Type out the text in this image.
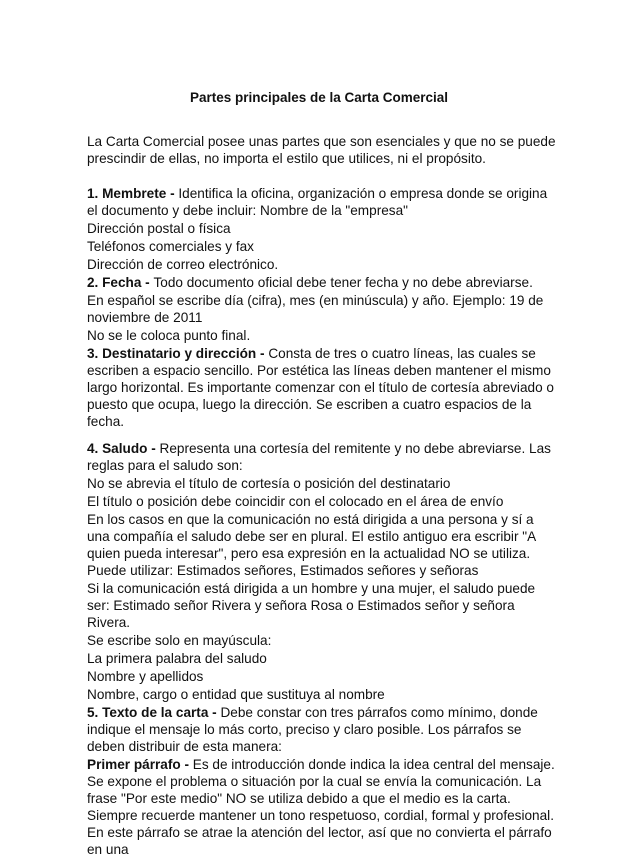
Partes principales de la Carta Comercial

La Carta Comercial posee unas partes que son esenciales y que no se puede prescindir de ellas, no importa el estilo que utilices, ni el propósito.

1. Membrete - Identifica la oficina, organización o empresa donde se origina el documento y debe incluir: Nombre de la "empresa"

Dirección postal o física

Teléfonos comerciales y fax

Dirección de correo electrónico.

2. Fecha - Todo documento oficial debe tener fecha y no debe abreviarse.

En español se escribe día (cifra), mes (en minúscula) y año. Ejemplo: 19 de noviembre de 2011

No se le coloca punto final.

3. Destinatario y dirección - Consta de tres o cuatro líneas, las cuales se escriben a espacio sencillo. Por estética las líneas deben mantener el mismo largo horizontal. Es importante comenzar con el título de cortesía abreviado o puesto que ocupa, luego la dirección. Se escriben a cuatro espacios de la fecha.

4. Saludo - Representa una cortesía del remitente y no debe abreviarse. Las reglas para el saludo son:

No se abrevia el título de cortesía o posición del destinatario

El título o posición debe coincidir con el colocado en el área de envío

En los casos en que la comunicación no está dirigida a una persona y sí a una compañía el saludo debe ser en plural. El estilo antiguo era escribir "A quien pueda interesar", pero esa expresión en la actualidad NO se utiliza. Puede utilizar: Estimados señores, Estimados señores y señoras

Si la comunicación está dirigida a un hombre y una mujer, el saludo puede ser: Estimado señor Rivera y señora Rosa o Estimados señor y señora Rivera.

Se escribe solo en mayúscula:

La primera palabra del saludo

Nombre y apellidos

Nombre, cargo o entidad que sustituya al nombre

5. Texto de la carta - Debe constar con tres párrafos como mínimo, donde indique el mensaje lo más corto, preciso y claro posible. Los párrafos se deben distribuir de esta manera:

Primer párrafo - Es de introducción donde indica la idea central del mensaje. Se expone el problema o situación por la cual se envía la comunicación. La frase "Por este medio" NO se utiliza debido a que el medio es la carta. Siempre recuerde mantener un tono respetuoso, cordial, formal y profesional. En este párrafo se atrae la atención del lector, así que no convierta el párrafo en una
